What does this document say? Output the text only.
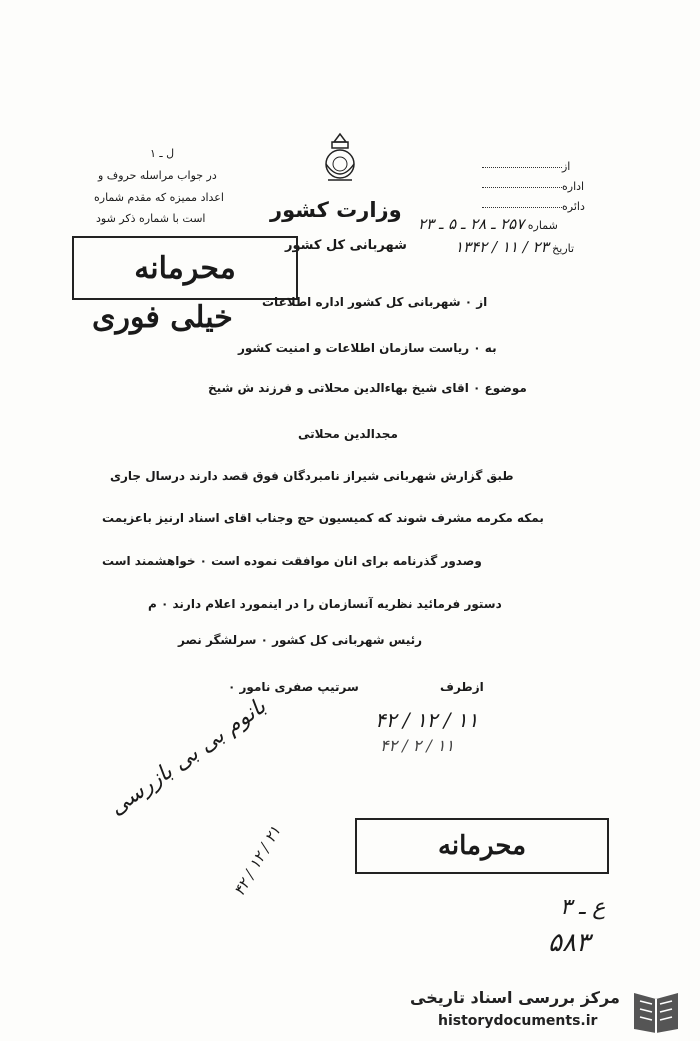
ل ـ ۱
در جواب مراسله حروف و
اعداد ممیزه که مقدم شماره
است با شماره ذکر شود	وزارت کشور
شهربانی کل کشور
از
اداره
دائره
شماره ۲۵۷ ـ ۲۸ ـ ۵ ـ ۲۳
تاریخ ۲۳ / ۱۱ / ۱۳۴۲
محرمانه
خیلی فوری از ۰ شهربانی کل کشور اداره اطلاعات
به ۰ ریاست سازمان اطلاعات و امنیت کشور
موضوع ۰ اقای شیخ بهاءالدین محلاتی و فرزند ش شیخ
مجدالدین محلاتی
طبق گزارش شهربانی شیراز نامبردگان فوق قصد دارند درسال جاری
بمکه مکرمه مشرف شوند که کمیسیون حج وجناب اقای اسناد ارنیز باعزیمت
وصدور گذرنامه برای انان موافقت نموده است ۰ خواهشمند است
دستور فرمائید نظریه آنسازمان را در اینمورد اعلام دارند ۰ م
رئیس شهربانی کل کشور ۰ سرلشگر نصر
ازطرف
سرتیپ صفری نامور ۰
۱۱ / ۱۲ / ۴۲
۱۱ / ۲ / ۴۲
بانوم بی بی بازرسی
۲۱ / ۱۲ / ۴۲	محرمانه
ع ـ ۳
۵۸۳
مرکز بررسی اسناد تاریخی
historydocuments.ir
